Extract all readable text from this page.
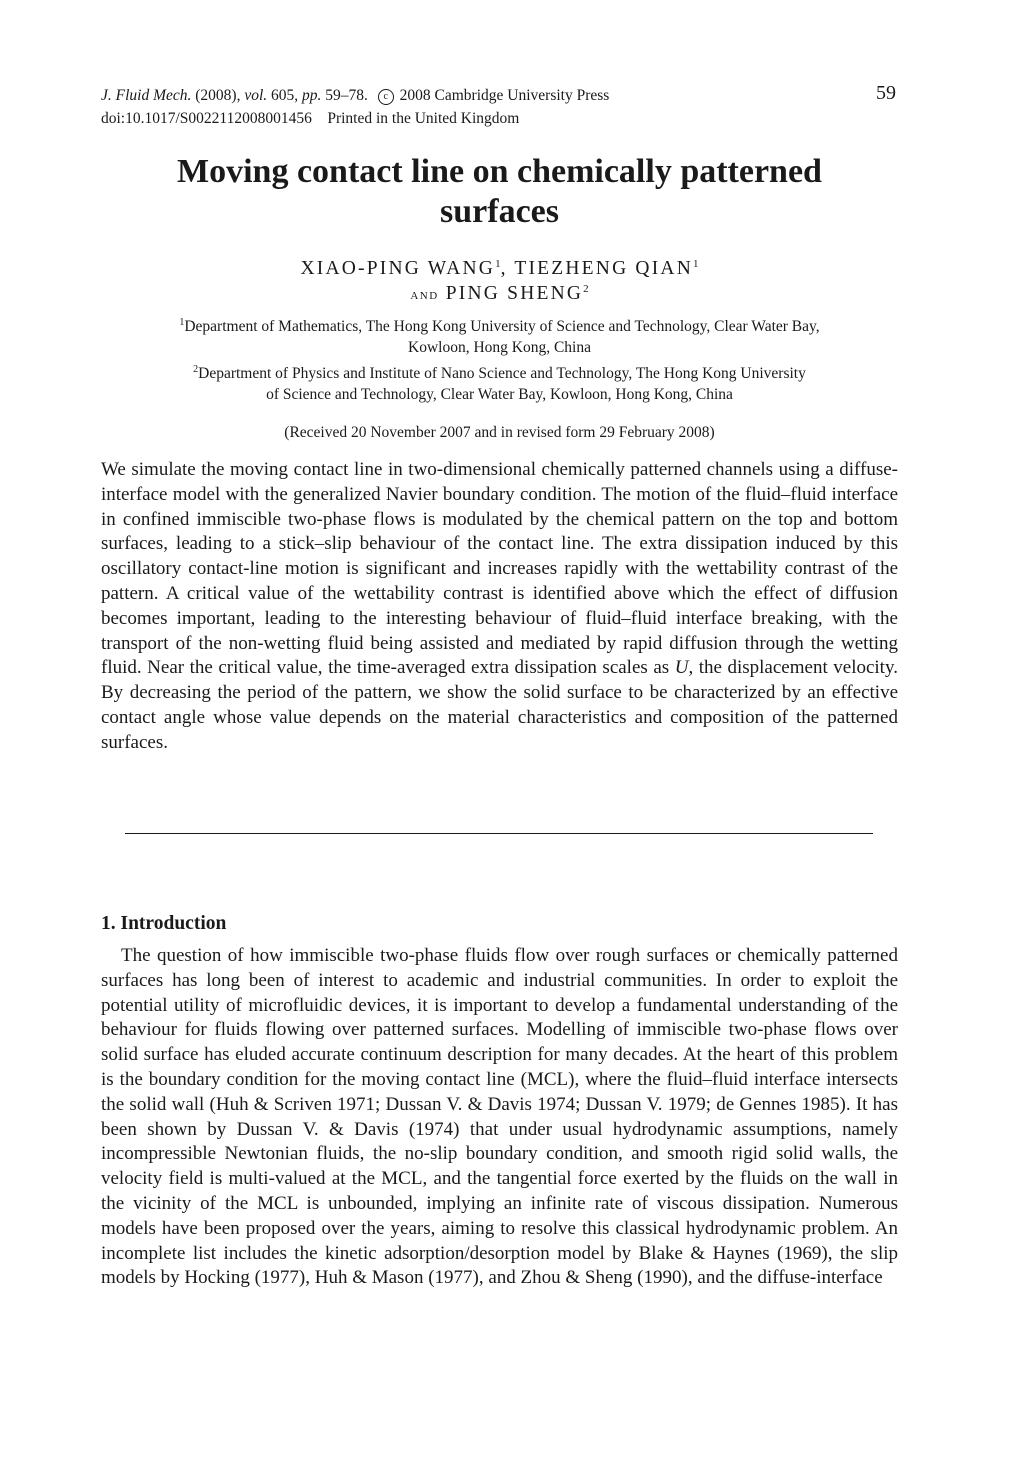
J. Fluid Mech. (2008), vol. 605, pp. 59–78. c 2008 Cambridge University Press
doi:10.1017/S0022112008001456 Printed in the United Kingdom
59
Moving contact line on chemically patterned
surfaces
XIAO-PING WANG$^1$, TIEZHENG QIAN$^1$
and PING SHENG$^2$
$^1$Department of Mathematics, The Hong Kong University of Science and Technology, Clear Water Bay,
Kowloon, Hong Kong, China
$^2$Department of Physics and Institute of Nano Science and Technology, The Hong Kong University
of Science and Technology, Clear Water Bay, Kowloon, Hong Kong, China
(Received 20 November 2007 and in revised form 29 February 2008)

We simulate the moving contact line in two-dimensional chemically patterned channels using a diffuse-interface model with the generalized Navier boundary condition. The motion of the fluid–fluid interface in confined immiscible two-phase flows is modulated by the chemical pattern on the top and bottom surfaces, leading to a stick–slip behaviour of the contact line. The extra dissipation induced by this oscillatory contact-line motion is significant and increases rapidly with the wettability contrast of the pattern. A critical value of the wettability contrast is identified above which the effect of diffusion becomes important, leading to the interesting behaviour of fluid–fluid interface breaking, with the transport of the non-wetting fluid being assisted and mediated by rapid diffusion through the wetting fluid. Near the critical value, the time-averaged extra dissipation scales as U, the displacement velocity. By decreasing the period of the pattern, we show the solid surface to be characterized by an effective contact angle whose value depends on the material characteristics and composition of the patterned surfaces.

1. Introduction

The question of how immiscible two-phase fluids flow over rough surfaces or chemically patterned surfaces has long been of interest to academic and industrial communities. In order to exploit the potential utility of microfluidic devices, it is important to develop a fundamental understanding of the behaviour for fluids flowing over patterned surfaces. Modelling of immiscible two-phase flows over solid surface has eluded accurate continuum description for many decades. At the heart of this problem is the boundary condition for the moving contact line (MCL), where the fluid–fluid interface intersects the solid wall (Huh & Scriven 1971; Dussan V. & Davis 1974; Dussan V. 1979; de Gennes 1985). It has been shown by Dussan V. & Davis (1974) that under usual hydrodynamic assumptions, namely incompressible Newtonian fluids, the no-slip boundary condition, and smooth rigid solid walls, the velocity field is multi-valued at the MCL, and the tangential force exerted by the fluids on the wall in the vicinity of the MCL is unbounded, implying an infinite rate of viscous dissipation. Numerous models have been proposed over the years, aiming to resolve this classical hydrodynamic problem. An incomplete list includes the kinetic adsorption/desorption model by Blake & Haynes (1969), the slip models by Hocking (1977), Huh & Mason (1977), and Zhou & Sheng (1990), and the diffuse-interface
